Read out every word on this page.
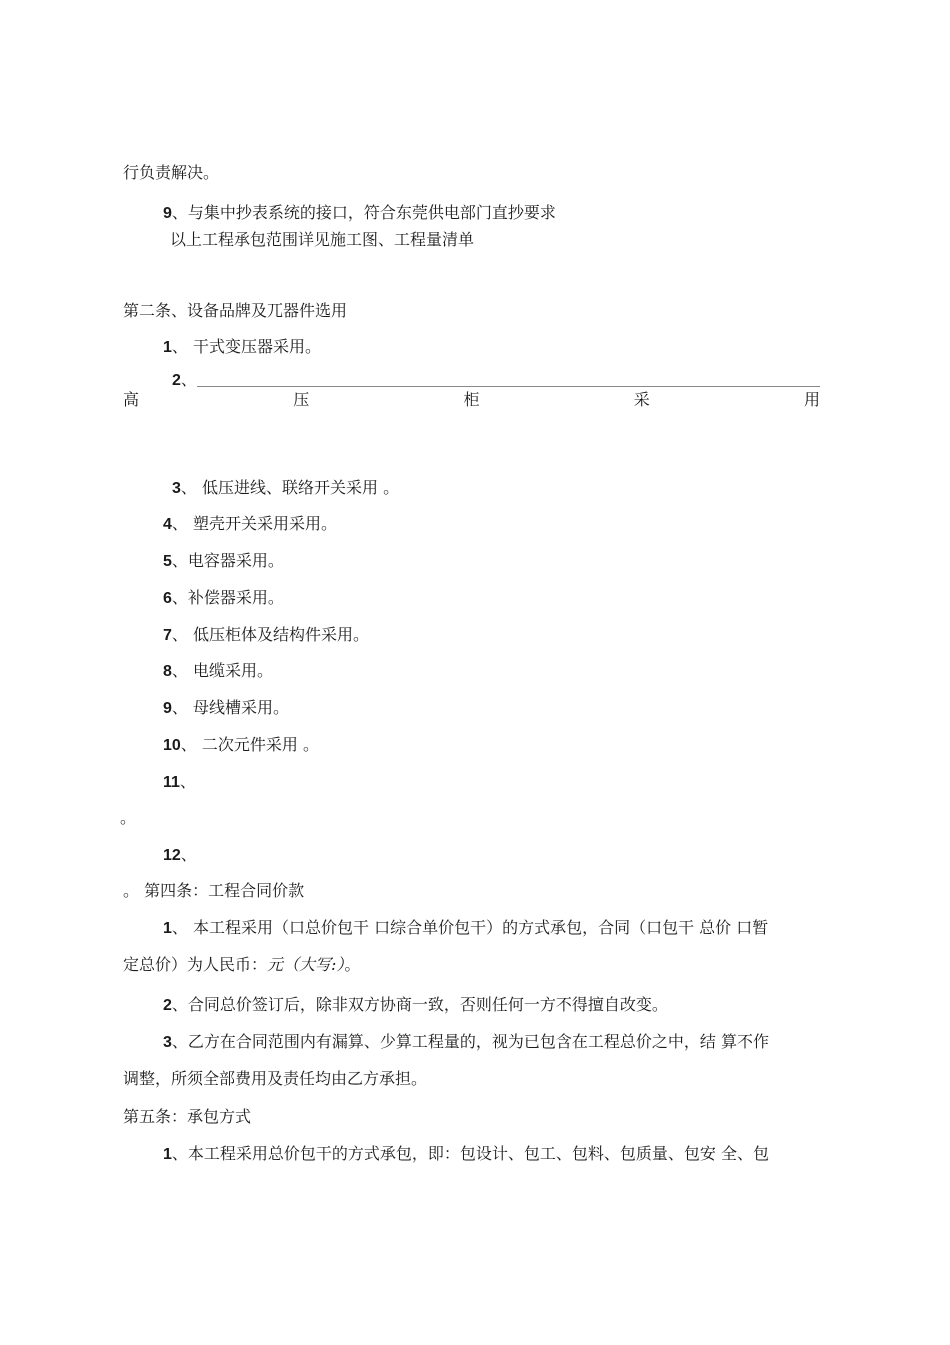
行负责解决。
9、与集中抄表系统的接口，符合东莞供电部门直抄要求
以上工程承包范围详见施工图、工程量清单
第二条、设备品牌及兀器件选用
1、 干式变压器采用。
2、
高	压	柜	采	用
3、 低压进线、联络开关采用 。
4、 塑壳开关采用采用。
5、电容器采用。
6、补偿器采用。
7、 低压柜体及结构件采用。
8、 电缆采用。
9、 母线槽采用。
10、 二次元件采用 。
11、
。
12、
。 第四条：工程合同价款
1、 本工程采用（口总价包干 口综合单价包干）的方式承包，合同（口包干 总价 口暂
定总价）为人民币：元（大写:）。
2、合同总价签订后，除非双方协商一致，否则任何一方不得擅自改变。
3、乙方在合同范围内有漏算、少算工程量的，视为已包含在工程总价之中，结 算不作
调整，所须全部费用及责任均由乙方承担。
第五条：承包方式
1、本工程采用总价包干的方式承包，即：包设计、包工、包料、包质量、包安 全、包
